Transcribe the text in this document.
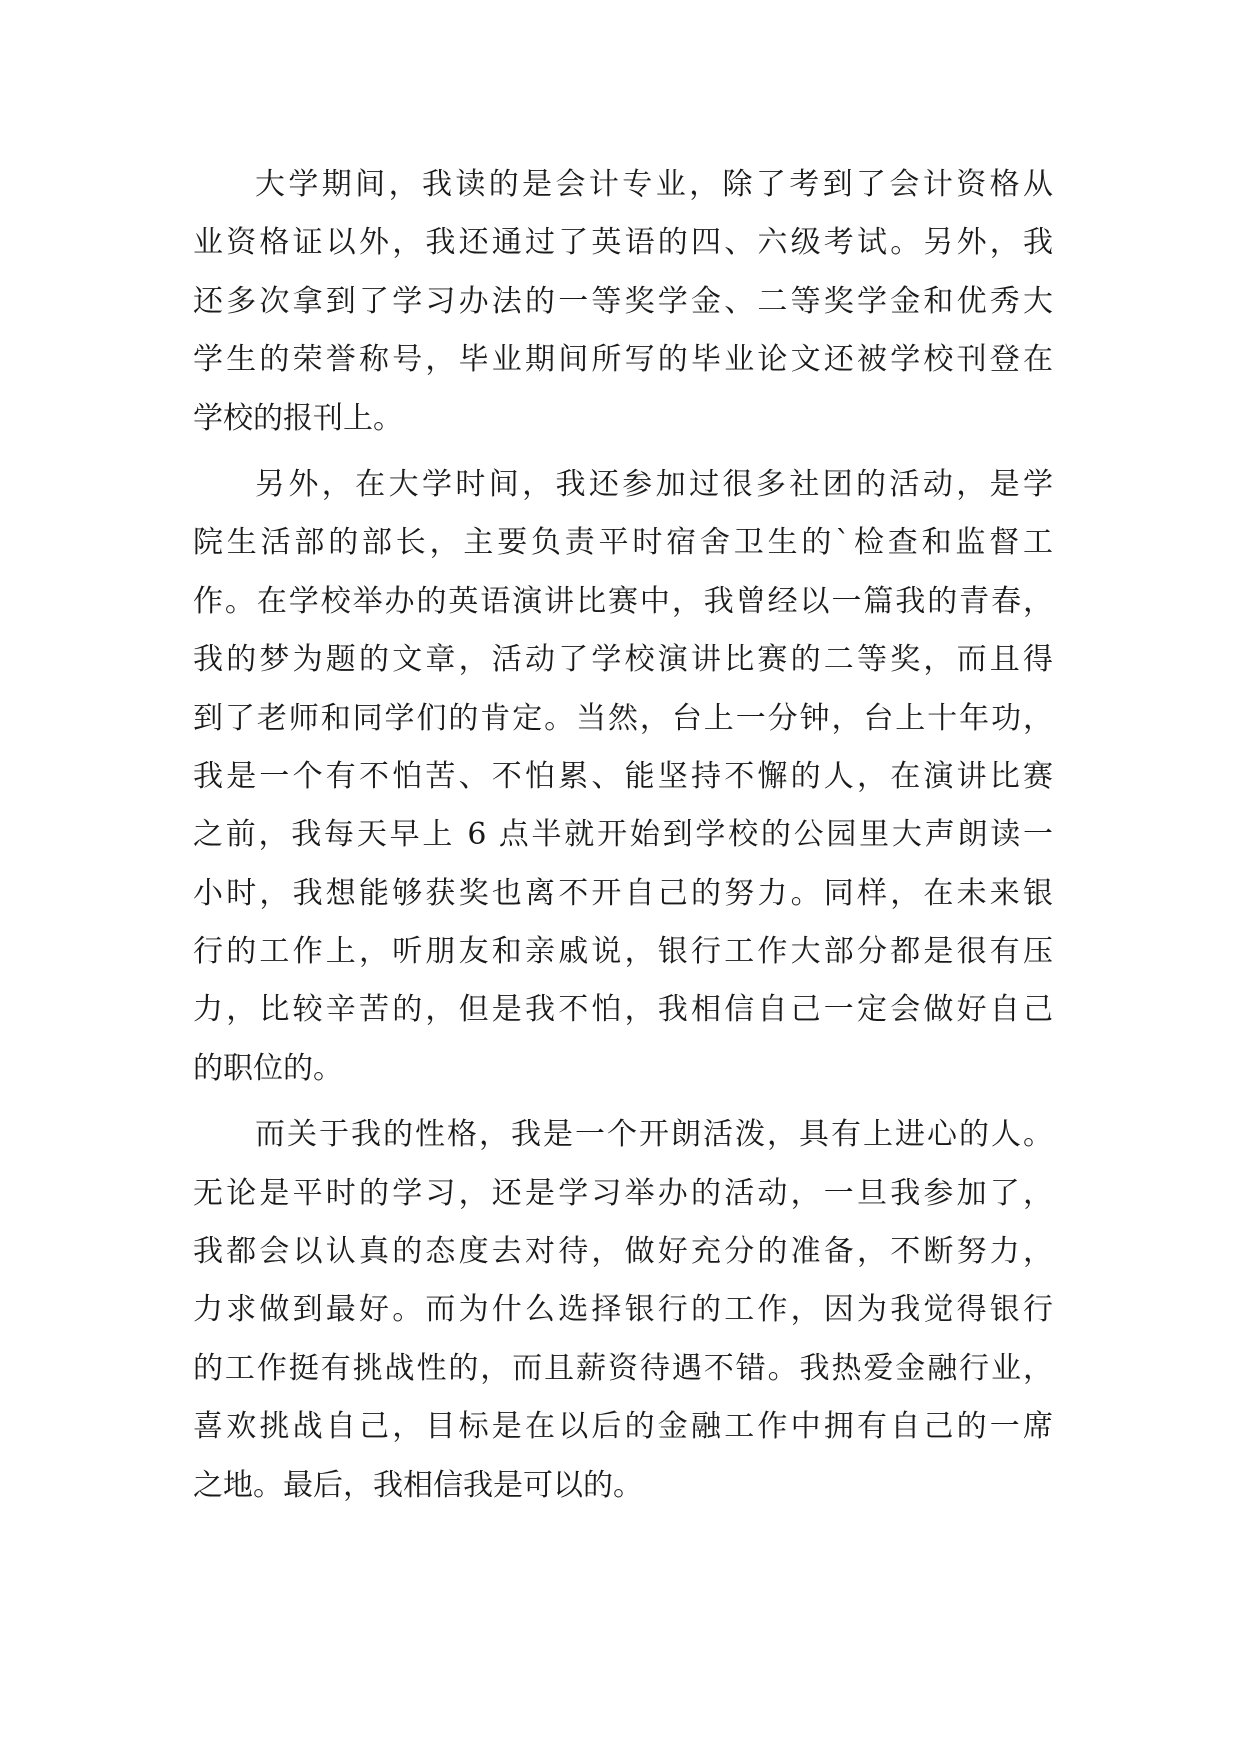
大学期间，我读的是会计专业，除了考到了会计资格从
业资格证以外，我还通过了英语的四、六级考试。另外，我
还多次拿到了学习办法的一等奖学金、二等奖学金和优秀大
学生的荣誉称号，毕业期间所写的毕业论文还被学校刊登在
学校的报刊上。
另外，在大学时间，我还参加过很多社团的活动，是学
院生活部的部长，主要负责平时宿舍卫生的`检查和监督工
作。在学校举办的英语演讲比赛中，我曾经以一篇我的青春，
我的梦为题的文章，活动了学校演讲比赛的二等奖，而且得
到了老师和同学们的肯定。当然，台上一分钟，台上十年功，
我是一个有不怕苦、不怕累、能坚持不懈的人，在演讲比赛
之前，我每天早上 6 点半就开始到学校的公园里大声朗读一
小时，我想能够获奖也离不开自己的努力。同样，在未来银
行的工作上，听朋友和亲戚说，银行工作大部分都是很有压
力，比较辛苦的，但是我不怕，我相信自己一定会做好自己
的职位的。
而关于我的性格，我是一个开朗活泼，具有上进心的人。
无论是平时的学习，还是学习举办的活动，一旦我参加了，
我都会以认真的态度去对待，做好充分的准备，不断努力，
力求做到最好。而为什么选择银行的工作，因为我觉得银行
的工作挺有挑战性的，而且薪资待遇不错。我热爱金融行业，
喜欢挑战自己，目标是在以后的金融工作中拥有自己的一席
之地。最后，我相信我是可以的。
